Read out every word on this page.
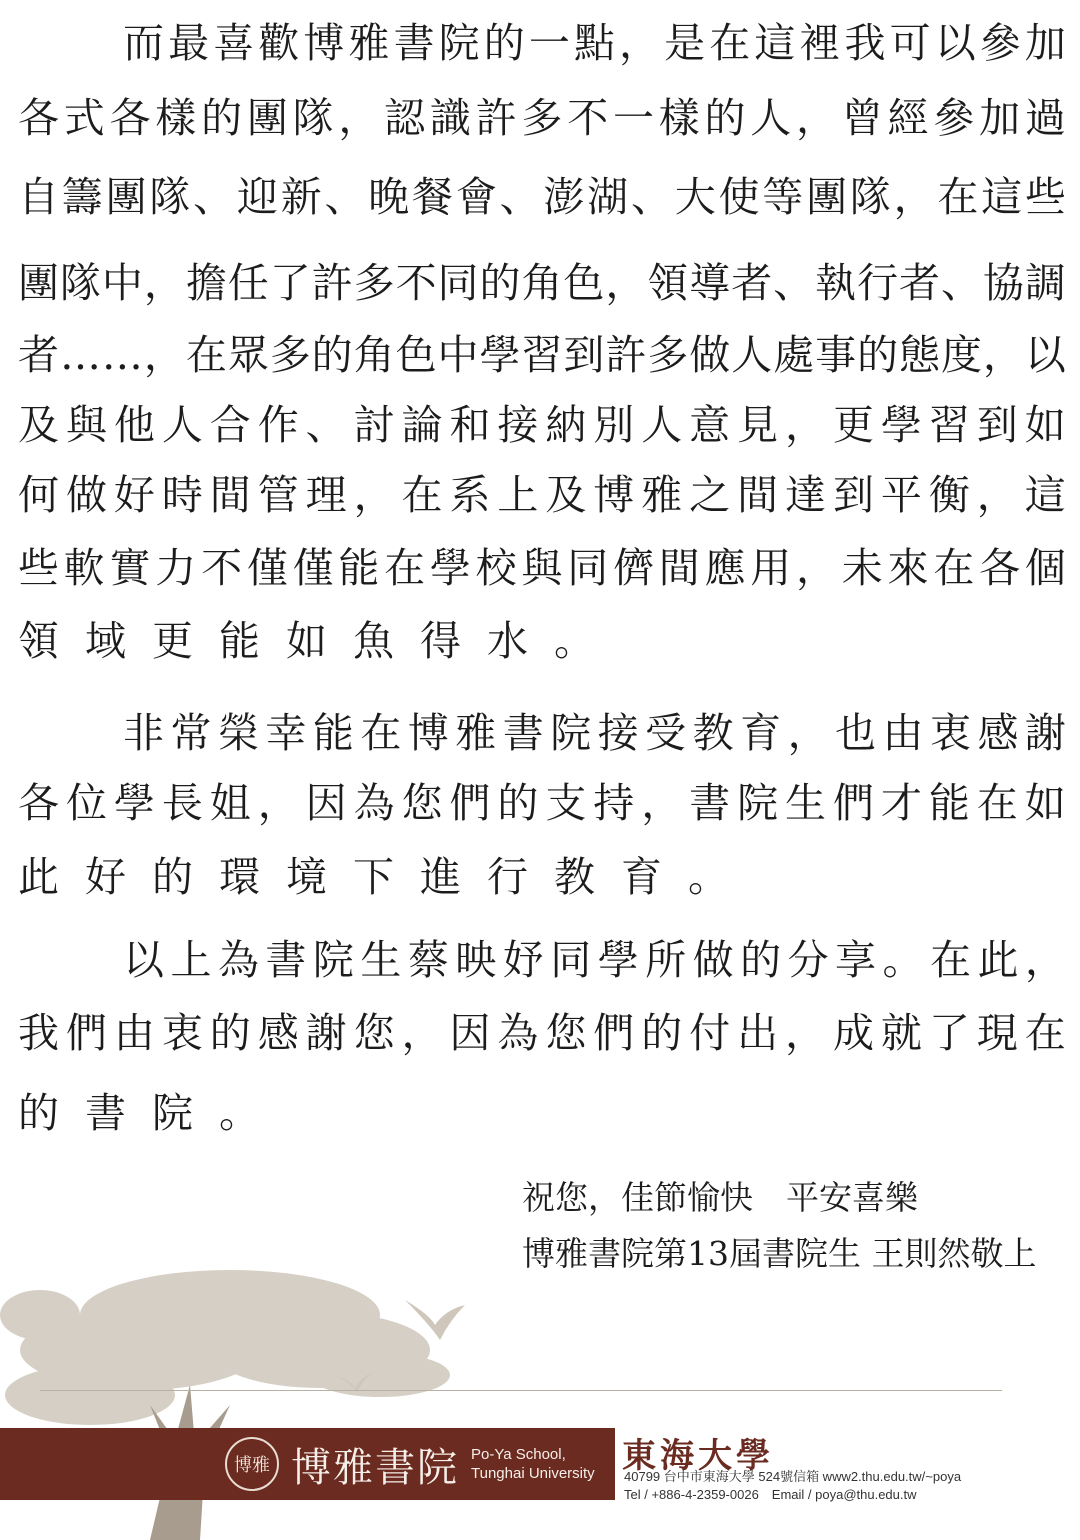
而 最 喜 歡 博 雅 書 院 的 一 點 ， 是 在 這 裡 我 可 以 參 加
各 式 各 樣 的 團 隊 ， 認 識 許 多 不 一 樣 的 人 ， 曾 經 參 加 過
自 籌 團 隊 、 迎 新 、 晚 餐 會 、 澎 湖 、 大 使 等 團 隊 ， 在 這 些
團 隊 中 ， 擔 任 了 許 多 不 同 的 角 色 ， 領 導 者 、 執 行 者 、 協 調
者 … … ， 在 眾 多 的 角 色 中 學 習 到 許 多 做 人 處 事 的 態 度 ， 以
及 與 他 人 合 作 、 討 論 和 接 納 別 人 意 見 ， 更 學 習 到 如
何 做 好 時 間 管 理 ， 在 系 上 及 博 雅 之 間 達 到 平 衡 ， 這
些 軟 實 力 不 僅 僅 能 在 學 校 與 同 儕 間 應 用 ， 未 來 在 各 個
領 域 更 能 如 魚 得 水 。
非 常 榮 幸 能 在 博 雅 書 院 接 受 教 育 ， 也 由 衷 感 謝
各 位 學 長 姐 ， 因 為 您 們 的 支 持 ， 書 院 生 們 才 能 在 如
此 好 的 環 境 下 進 行 教 育 。
以 上 為 書 院 生 蔡 映 妤 同 學 所 做 的 分 享 。 在 此 ，
我 們 由 衷 的 感 謝 您 ， 因 為 您 們 的 付 出 ， 成 就 了 現 在
的 書 院 。
祝您，佳節愉快　平安喜樂
博雅書院第13屆書院生 王則然敬上
博雅 博雅書院 Po-Ya School,
Tunghai University 東海大學
40799 台中市東海大學 524號信箱 www2.thu.edu.tw/~poya
Tel / +886-4-2359-0026　Email / poya@thu.edu.tw
